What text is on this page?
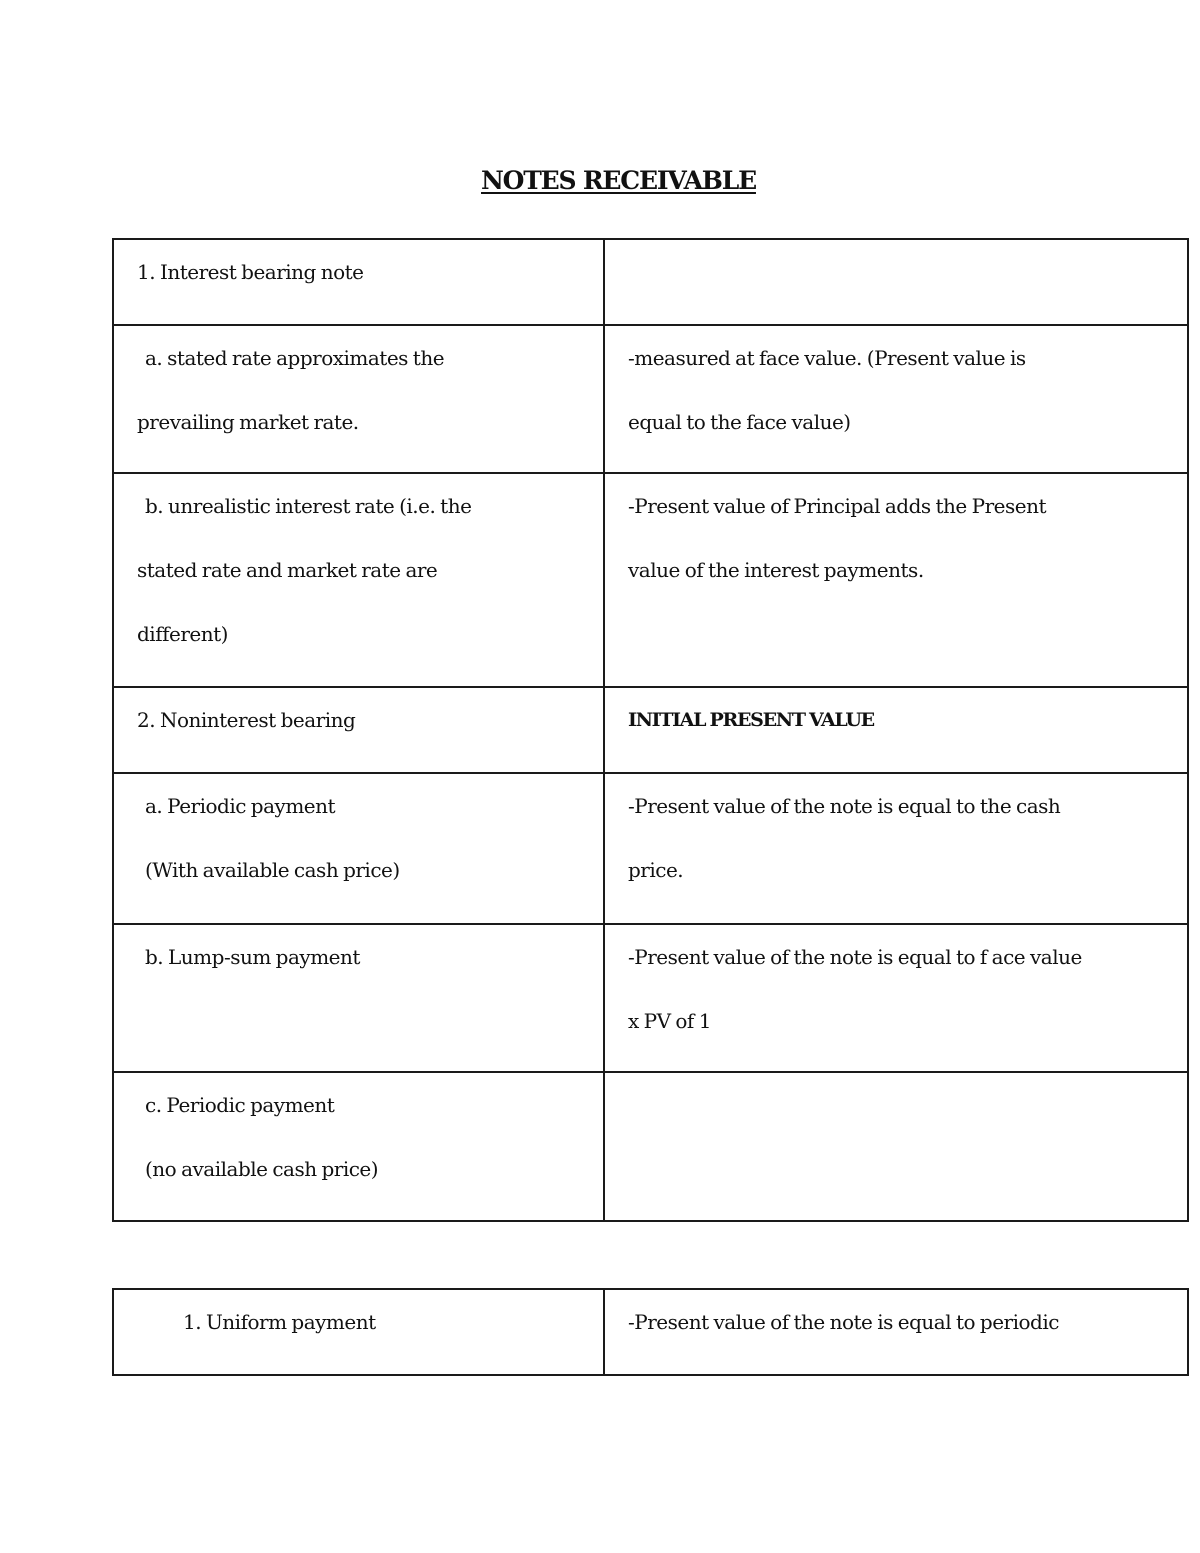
NOTES RECEIVABLE
1. Interest bearing note	

a. stated rate approximates the
prevailing market rate.	-measured at face value. (Present value is
equal to the face value)

b. unrealistic interest rate (i.e. the
stated rate and market rate are
different)	-Present value of Principal adds the Present
value of the interest payments.

2. Noninterest bearing	INITIAL PRESENT VALUE

a. Periodic payment
(With available cash price)	-Present value of the note is equal to the cash
price.

b. Lump-sum payment	-Present value of the note is equal to f ace value
x PV of 1

c. Periodic payment
(no available cash price)	

1. Uniform payment	-Present value of the note is equal to periodic
